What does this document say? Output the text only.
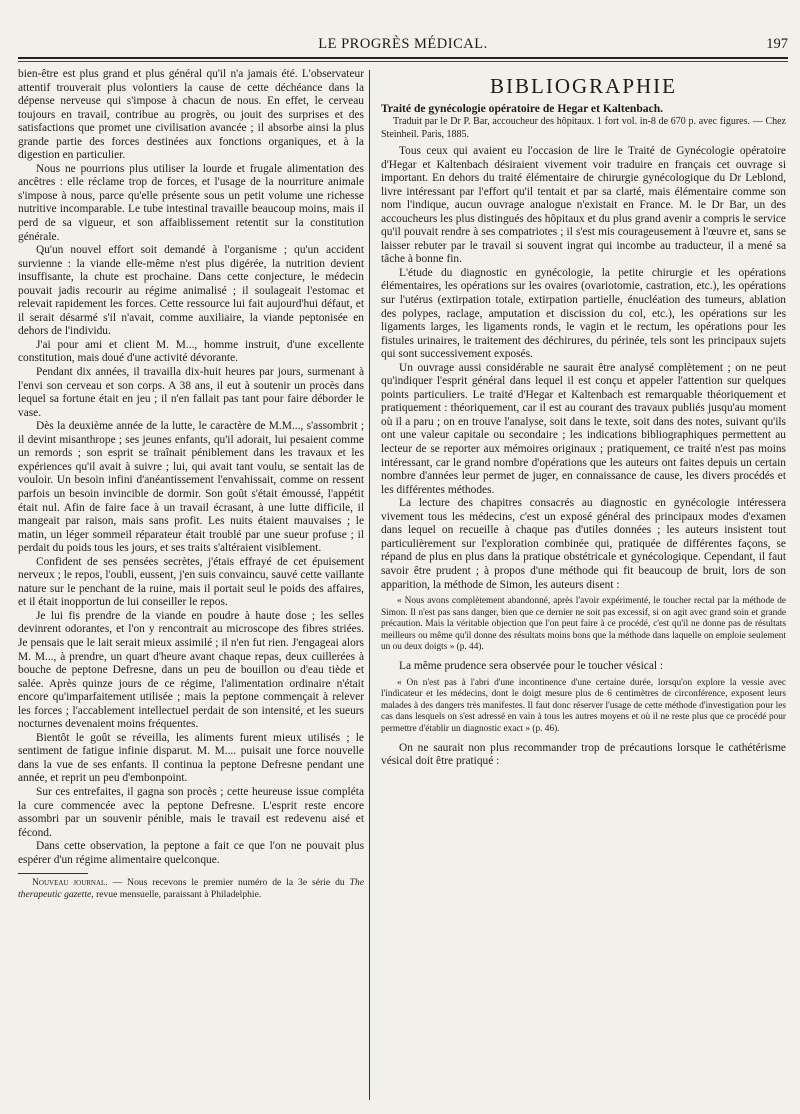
LE PROGRÈS MÉDICAL.	197

bien-être est plus grand et plus général qu'il n'a jamais été. L'observateur attentif trouverait plus volontiers la cause de cette déchéance dans la dépense nerveuse qui s'impose à chacun de nous. En effet, le cerveau toujours en travail, contribue au progrès, ou jouit des surprises et des satisfactions que promet une civilisation avancée ; il absorbe ainsi la plus grande partie des forces destinées aux fonctions organiques, et à la digestion en particulier.

Nous ne pourrions plus utiliser la lourde et frugale alimentation des ancêtres : elle réclame trop de forces, et l'usage de la nourriture animale s'impose à nous, parce qu'elle présente sous un petit volume une richesse nutritive incomparable. Le tube intestinal travaille beaucoup moins, mais il perd de sa vigueur, et son affaiblissement retentit sur la constitution générale.

Qu'un nouvel effort soit demandé à l'organisme ; qu'un accident survienne : la viande elle-même n'est plus digérée, la nutrition devient insuffisante, la chute est prochaine. Dans cette conjecture, le médecin pouvait jadis recourir au régime animalisé ; il soulageait l'estomac et relevait rapidement les forces. Cette ressource lui fait aujourd'hui défaut, et il serait désarmé s'il n'avait, comme auxiliaire, la viande peptonisée en dehors de l'individu.

J'ai pour ami et client M. M..., homme instruit, d'une excellente constitution, mais doué d'une activité dévorante.

Pendant dix années, il travailla dix-huit heures par jours, surmenant à l'envi son cerveau et son corps. A 38 ans, il eut à soutenir un procès dans lequel sa fortune était en jeu ; il n'en fallait pas tant pour faire déborder le vase.

Dès la deuxième année de la lutte, le caractère de M.M..., s'assombrit ; il devint misanthrope ; ses jeunes enfants, qu'il adorait, lui pesaient comme un remords ; son esprit se traînait péniblement dans les travaux et les expériences qu'il avait à suivre ; lui, qui avait tant voulu, se sentait las de vouloir. Un besoin infini d'anéantissement l'envahissait, comme on ressent parfois un besoin invincible de dormir. Son goût s'était émoussé, l'appétit était nul. Afin de faire face à un travail écrasant, à une lutte difficile, il mangeait par raison, mais sans profit. Les nuits étaient mauvaises ; le matin, un léger sommeil réparateur était troublé par une sueur profuse ; il perdait du poids tous les jours, et ses traits s'altéraient visiblement.

Confident de ses pensées secrètes, j'étais effrayé de cet épuisement nerveux ; le repos, l'oubli, eussent, j'en suis convaincu, sauvé cette vaillante nature sur le penchant de la ruine, mais il portait seul le poids des affaires, et il était inopportun de lui conseiller le repos.

Je lui fis prendre de la viande en poudre à haute dose ; les selles devinrent odorantes, et l'on y rencontrait au microscope des fibres striées. Je pensais que le lait serait mieux assimilé ; il n'en fut rien. J'engageai alors M. M..., à prendre, un quart d'heure avant chaque repas, deux cuillerées à bouche de peptone Defresne, dans un peu de bouillon ou d'eau tiède et salée. Après quinze jours de ce régime, l'alimentation ordinaire n'était encore qu'imparfaitement utilisée ; mais la peptone commençait à relever les forces ; l'accablement intellectuel perdait de son intensité, et les sueurs nocturnes devenaient moins fréquentes.

Bientôt le goût se réveilla, les aliments furent mieux utilisés ; le sentiment de fatigue infinie disparut. M. M.... puisait une force nouvelle dans la vue de ses enfants. Il continua la peptone Defresne pendant une année, et reprit un peu d'embonpoint.

Sur ces entrefaites, il gagna son procès ; cette heureuse issue compléta la cure commencée avec la peptone Defresne. L'esprit reste encore assombri par un souvenir pénible, mais le travail est redevenu aisé et fécond.

Dans cette observation, la peptone a fait ce que l'on ne pouvait plus espérer d'un régime alimentaire quelconque.

Nouveau journal. — Nous recevons le premier numéro de la 3e série du The therapeutic gazette, revue mensuelle, paraissant à Philadelphie.

BIBLIOGRAPHIE

Traité de gynécologie opératoire de Hegar et Kaltenbach.

Traduit par le Dr P. Bar, accoucheur des hôpitaux. 1 fort vol. in-8 de 670 p. avec figures. — Chez Steinheil. Paris, 1885.

Tous ceux qui avaient eu l'occasion de lire le Traité de Gynécologie opératoire d'Hegar et Kaltenbach désiraient vivement voir traduire en français cet ouvrage si important. En dehors du traité élémentaire de chirurgie gynécologique du Dr Leblond, livre intéressant par l'effort qu'il tentait et par sa clarté, mais élémentaire comme son nom l'indique, aucun ouvrage analogue n'existait en France. M. le Dr Bar, un des accoucheurs les plus distingués des hôpitaux et du plus grand avenir a compris le service qu'il pouvait rendre à ses compatriotes ; il s'est mis courageusement à l'œuvre et, sans se laisser rebuter par le travail si souvent ingrat qui incombe au traducteur, il a mené sa tâche à bonne fin.

L'étude du diagnostic en gynécologie, la petite chirurgie et les opérations élémentaires, les opérations sur les ovaires (ovariotomie, castration, etc.), les opérations sur l'utérus (extirpation totale, extirpation partielle, énucléation des tumeurs, ablation des polypes, raclage, amputation et discission du col, etc.), les opérations sur les ligaments larges, les ligaments ronds, le vagin et le rectum, les opérations pour les fistules urinaires, le traitement des déchirures, du périnée, tels sont les principaux sujets qui sont successivement exposés.

Un ouvrage aussi considérable ne saurait être analysé complètement ; on ne peut qu'indiquer l'esprit général dans lequel il est conçu et appeler l'attention sur quelques points particuliers. Le traité d'Hegar et Kaltenbach est remarquable théoriquement et pratiquement : théoriquement, car il est au courant des travaux publiés jusqu'au moment où il a paru ; on en trouve l'analyse, soit dans le texte, soit dans des notes, suivant qu'ils ont une valeur capitale ou secondaire ; les indications bibliographiques permettent au lecteur de se reporter aux mémoires originaux ; pratiquement, ce traité n'est pas moins intéressant, car le grand nombre d'opérations que les auteurs ont faites depuis un certain nombre d'années leur permet de juger, en connaissance de cause, les divers procédés et les différentes méthodes.

La lecture des chapitres consacrés au diagnostic en gynécologie intéressera vivement tous les médecins, c'est un exposé général des principaux modes d'examen dans lequel on recueille à chaque pas d'utiles données ; les auteurs insistent tout particulièrement sur l'exploration combinée qui, pratiquée de différentes façons, se répand de plus en plus dans la pratique obstétricale et gynécologique. Cependant, il faut savoir être prudent ; à propos d'une méthode qui fit beaucoup de bruit, lors de son apparition, la méthode de Simon, les auteurs disent :

« Nous avons complètement abandonné, après l'avoir expérimenté, le toucher rectal par la méthode de Simon. Il n'est pas sans danger, bien que ce dernier ne soit pas excessif, si on agit avec grand soin et grande précaution. Mais la véritable objection que l'on peut faire à ce procédé, c'est qu'il ne donne pas de résultats meilleurs ou même qu'il donne des résultats moins bons que la méthode dans laquelle on emploie seulement un ou deux doigts » (p. 44).

La même prudence sera observée pour le toucher vésical :

« On n'est pas à l'abri d'une incontinence d'une certaine durée, lorsqu'on explore la vessie avec l'indicateur et les médecins, dont le doigt mesure plus de 6 centimètres de circonférence, exposent leurs malades à des dangers très manifestes. Il faut donc réserver l'usage de cette méthode d'investigation pour les cas dans lesquels on s'est adressé en vain à tous les autres moyens et où il ne reste plus que ce procédé pour permettre d'établir un diagnostic exact » (p. 46).

On ne saurait non plus recommander trop de précautions lorsque le cathétérisme vésical doit être pratiqué :
